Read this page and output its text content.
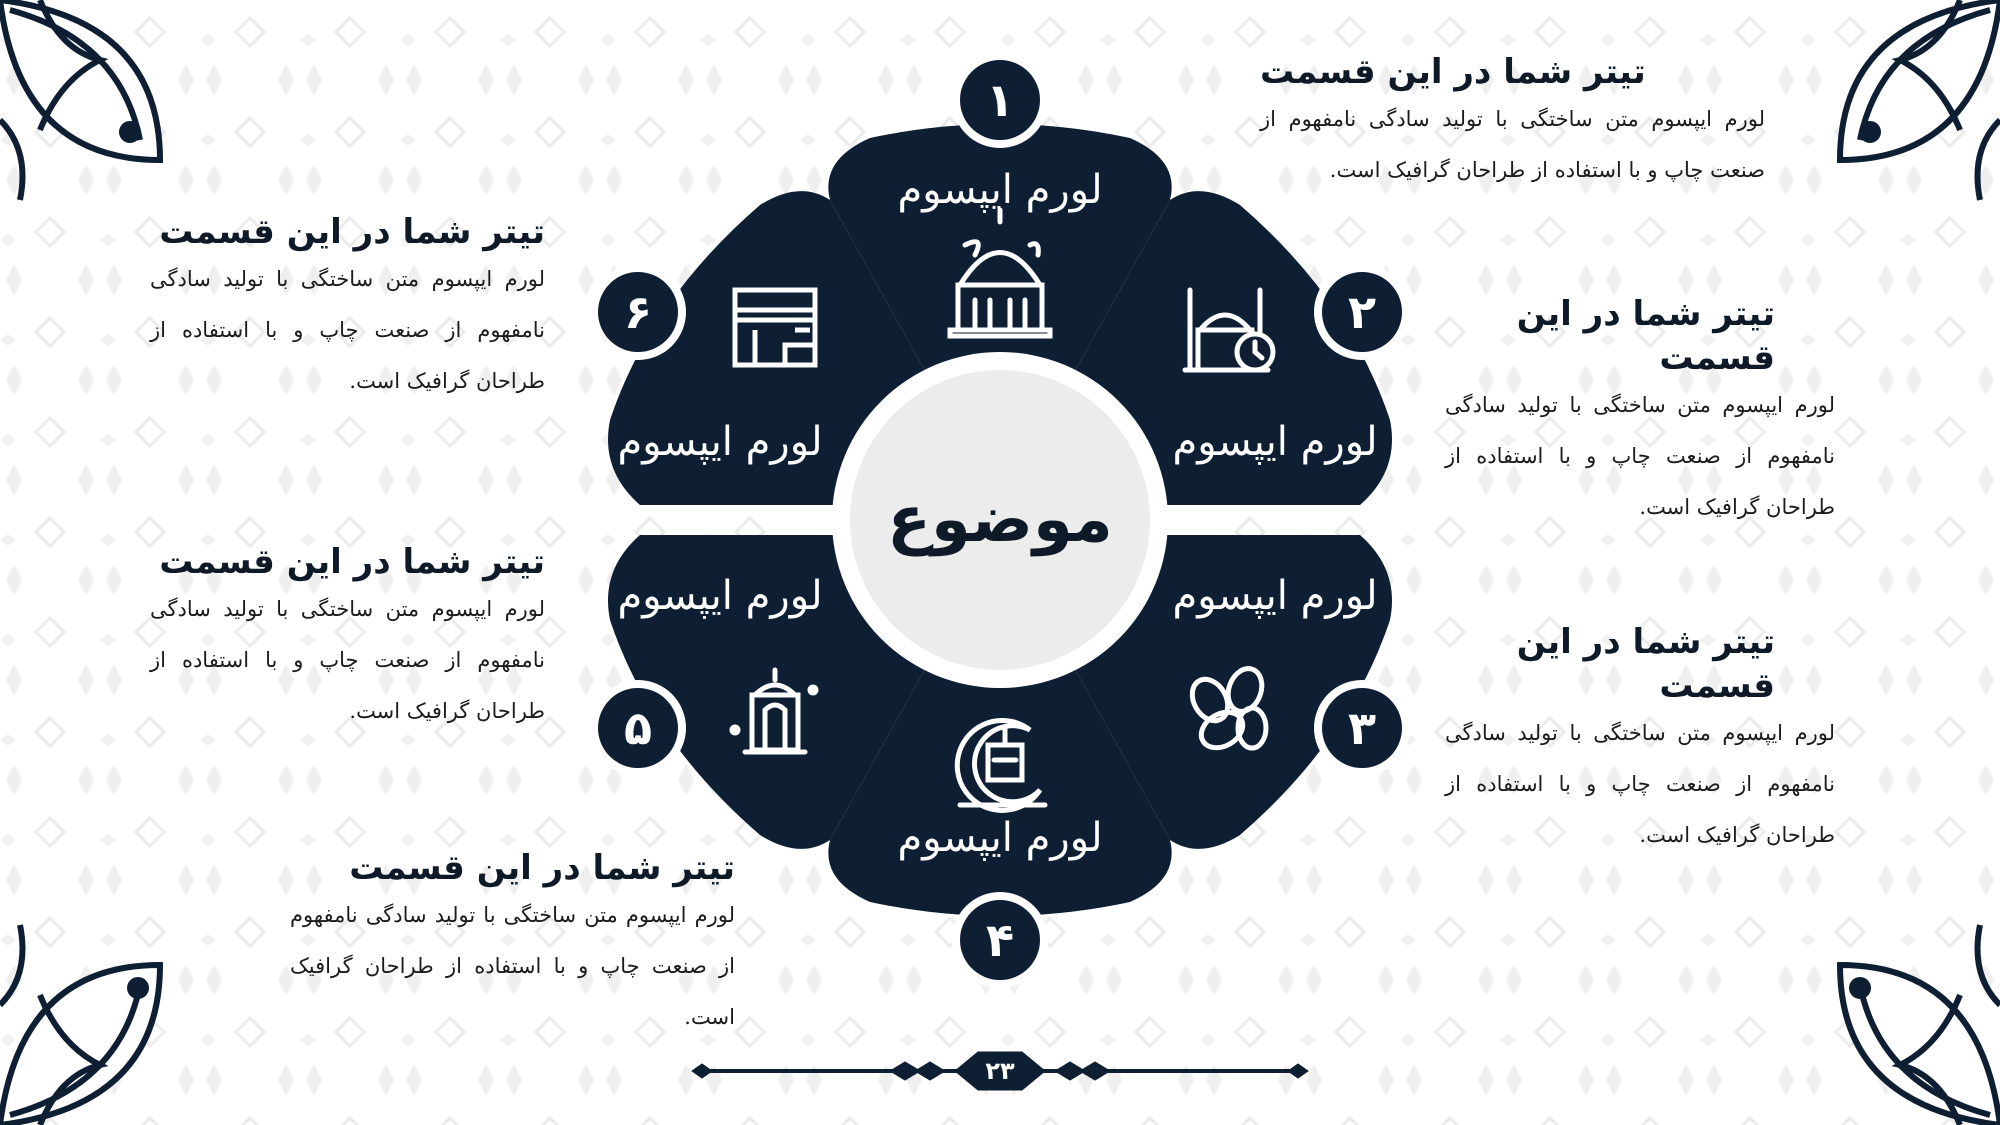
لورم ایپسوم
لورم ایپسوم
لورم ایپسوم
لورم ایپسوم
لورم ایپسوم
لورم ایپسوم
موضوع
۱
۲
۳
۴
۵
۶
تیتر شما در این قسمت

لورم ایپسوم متن ساختگی با تولید سادگی نامفهوم از صنعت چاپ و با استفاده از طراحان گرافیک است.

تیتر شما در این قسمت

لورم ایپسوم متن ساختگی با تولید سادگی نامفهوم از صنعت چاپ و با استفاده از طراحان گرافیک است.

تیتر شما در این قسمت

لورم ایپسوم متن ساختگی با تولید سادگی نامفهوم از صنعت چاپ و با استفاده از طراحان گرافیک است.

تیتر شما در این قسمت

لورم ایپسوم متن ساختگی با تولید سادگی نامفهوم از صنعت چاپ و با استفاده از طراحان گرافیک است.

تیتر شما در این قسمت

لورم ایپسوم متن ساختگی با تولید سادگی نامفهوم از صنعت چاپ و با استفاده از طراحان گرافیک است.

تیتر شما در این قسمت

لورم ایپسوم متن ساختگی با تولید سادگی نامفهوم از صنعت چاپ و با استفاده از طراحان گرافیک است.

۲۳
